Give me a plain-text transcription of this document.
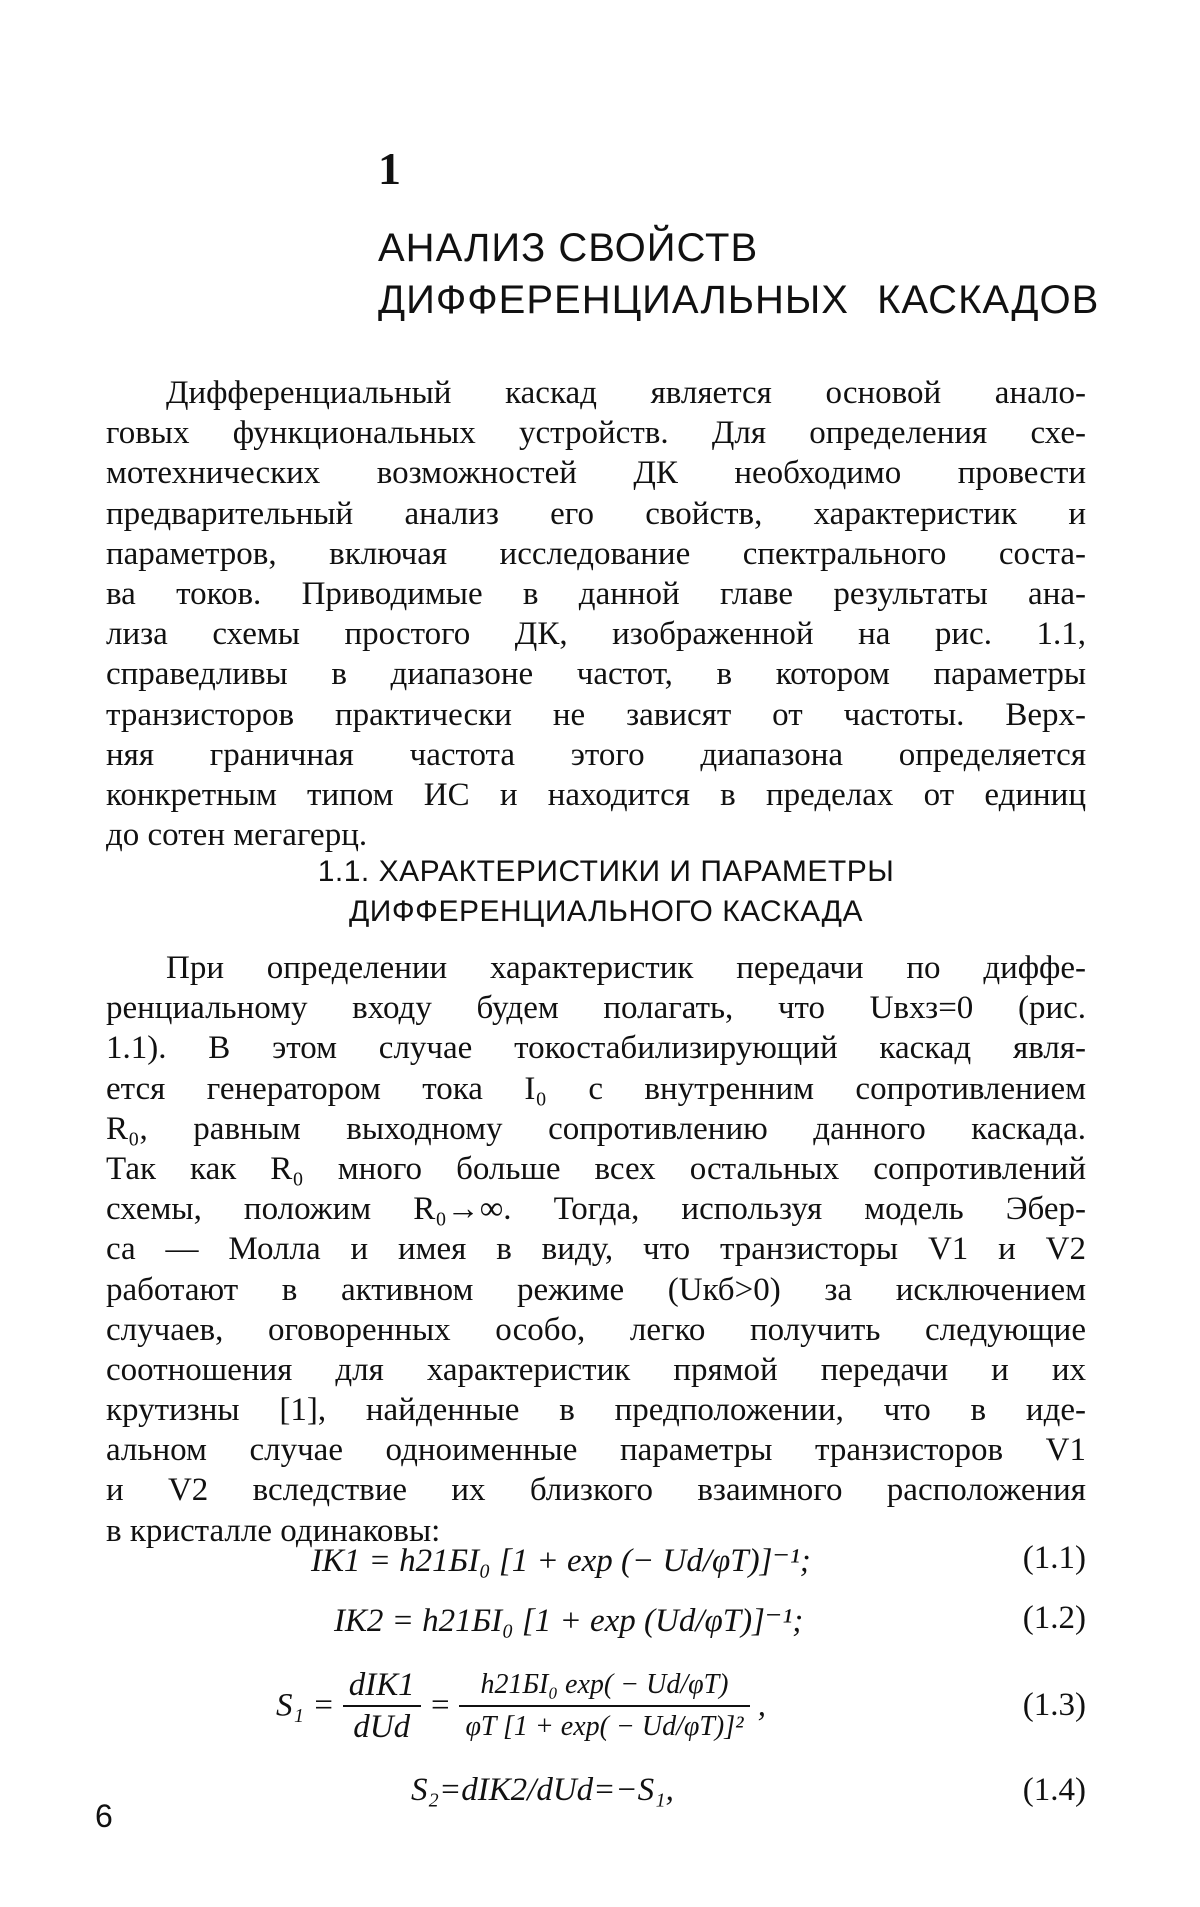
1
АНАЛИЗ СВОЙСТВ
ДИФФЕРЕНЦИАЛЬНЫХ КАСКАДОВ
Дифференциальный каскад является основой анало-
говых функциональных устройств. Для определения схе-
мотехнических возможностей ДК необходимо провести
предварительный анализ его свойств, характеристик и
параметров, включая исследование спектрального соста-
ва токов. Приводимые в данной главе результаты ана-
лиза схемы простого ДК, изображенной на рис. 1.1,
справедливы в диапазоне частот, в котором параметры
транзисторов практически не зависят от частоты. Верх-
няя граничная частота этого диапазона определяется
конкретным типом ИС и находится в пределах от единиц
до сотен мегагерц.
1.1. ХАРАКТЕРИСТИКИ И ПАРАМЕТРЫ
ДИФФЕРЕНЦИАЛЬНОГО КАСКАДА
При определении характеристик передачи по диффе-
ренциальному входу будем полагать, что Uвхз=0 (рис.
1.1). В этом случае токостабилизирующий каскад явля-
ется генератором тока I₀ с внутренним сопротивлением
R₀, равным выходному сопротивлению данного каскада.
Так как R₀ много больше всех остальных сопротивлений
схемы, положим R₀→∞. Тогда, используя модель Эбер-
са — Молла и имея в виду, что транзисторы V1 и V2
работают в активном режиме (Uкб>0) за исключением
случаев, оговоренных особо, легко получить следующие
соотношения для характеристик прямой передачи и их
крутизны [1], найденные в предположении, что в иде-
альном случае одноименные параметры транзисторов V1
и V2 вследствие их близкого взаимного расположения
в кристалле одинаковы:
IК1 = h21БI₀ [1 + exp (− Ud/φT)]⁻¹;	(1.1)
IК2 = h21БI₀ [1 + exp (Ud/φT)]⁻¹;	(1.2)
$S_1 = \frac{\text{dIК1}}{\text{dUd}} = \frac{\text{h21БI₀ exp( − Ud/φT)}}{\text{φT [1 + exp( − Ud/φT)]²}}$ ,	(1.3)
S₂=dIК2/dUd=−S₁,	(1.4)
6
